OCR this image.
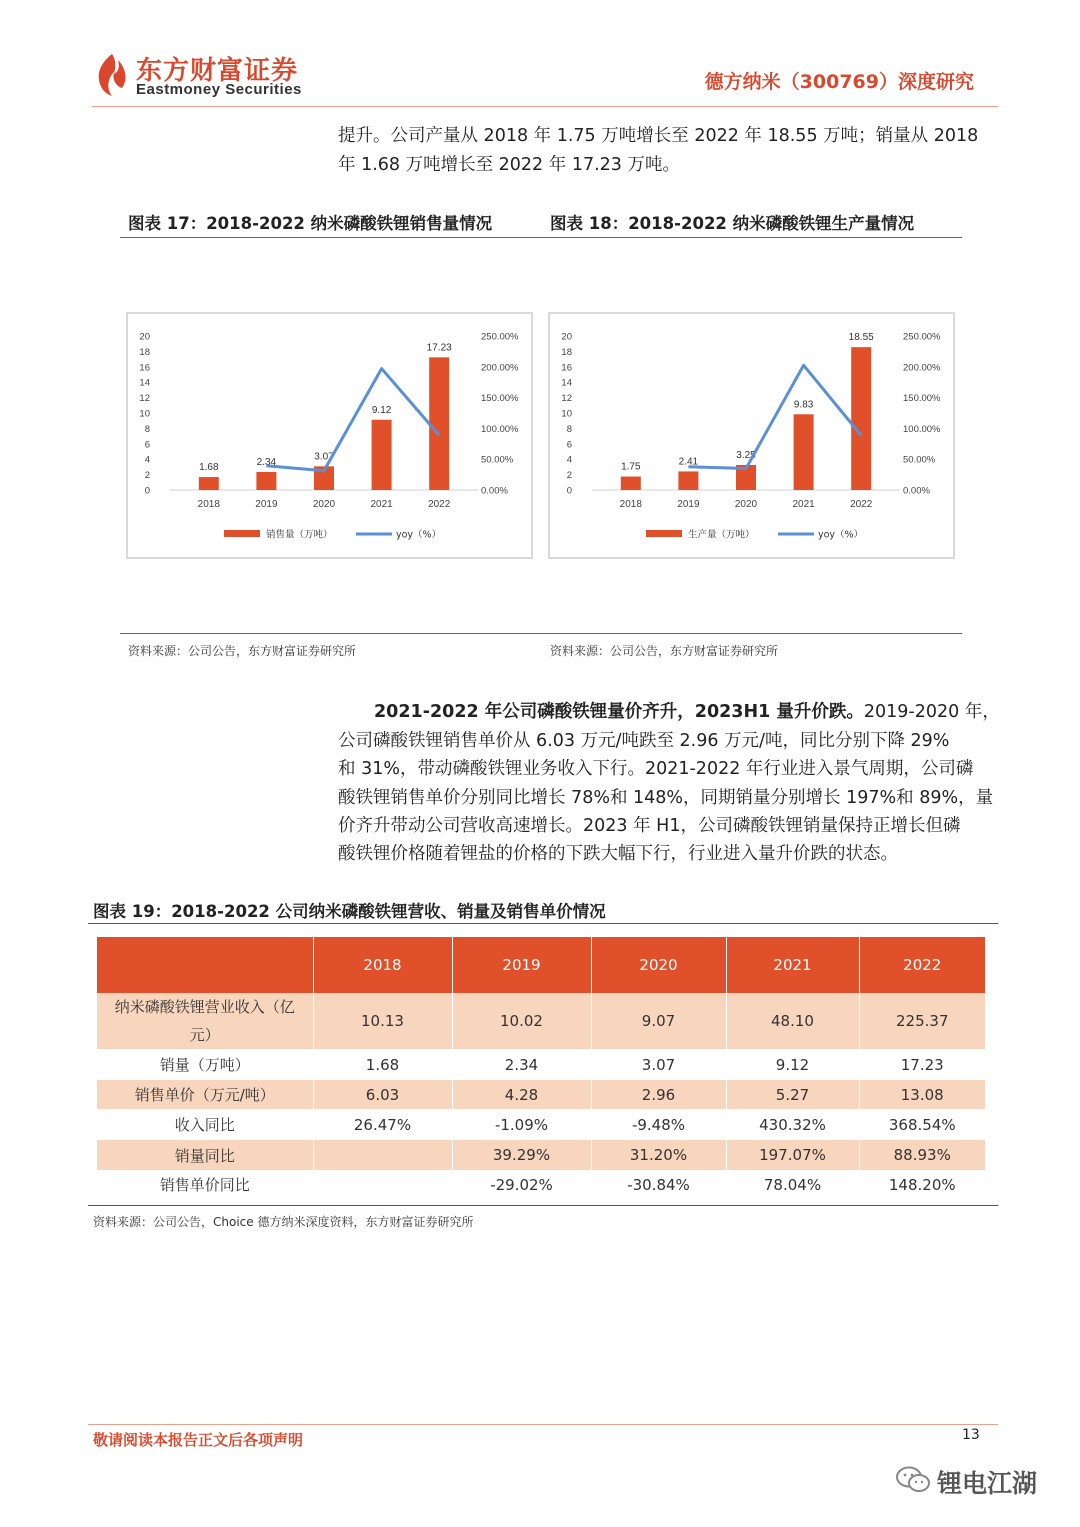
东方财富证券
Eastmoney Securities	德方纳米（300769）深度研究
提升。公司产量从 2018 年 1.75 万吨增长至 2022 年 18.55 万吨；销量从 2018
年 1.68 万吨增长至 2022 年 17.23 万吨。
图表 17：2018-2022 纳米磷酸铁锂销售量情况	图表 18：2018-2022 纳米磷酸铁锂生产量情况
0
2
4
6
8
10
12
14
16
18
20
0.00%
50.00%
100.00%
150.00%
200.00%
250.00%
1.68	2.34
3.07
9.12
17.23
2018	2019	2020	2021	2022
销售量（万吨）	yoy（%）
0
2
4
6
8
10
12
14
16
18
20
0.00%
50.00%
100.00%
150.00%
200.00%
250.00%
1.75	2.41
3.25
9.83
18.55
2018	2019	2020	2021	2022
生产量（万吨）	yoy（%）
资料来源：公司公告，东方财富证券研究所	资料来源：公司公告，东方财富证券研究所
2021-2022 年公司磷酸铁锂量价齐升，2023H1 量升价跌。2019-2020 年，
公司磷酸铁锂销售单价从 6.03 万元/吨跌至 2.96 万元/吨，同比分别下降 29%
和 31%，带动磷酸铁锂业务收入下行。2021-2022 年行业进入景气周期，公司磷
酸铁锂销售单价分别同比增长 78%和 148%，同期销量分别增长 197%和 89%，量
价齐升带动公司营收高速增长。2023 年 H1，公司磷酸铁锂销量保持正增长但磷
酸铁锂价格随着锂盐的价格的下跌大幅下行，行业进入量升价跌的状态。
图表 19：2018-2022 公司纳米磷酸铁锂营收、销量及销售单价情况
	2018	2019	2020	2021	2022
纳米磷酸铁锂营业收入（亿
元）	10.13	10.02	9.07	48.10	225.37
销量（万吨）	1.68	2.34	3.07	9.12	17.23
销售单价（万元/吨）	6.03	4.28	2.96	5.27	13.08
收入同比	26.47%	-1.09%	-9.48%	430.32%	368.54%
销量同比		39.29%	31.20%	197.07%	88.93%
销售单价同比		-29.02%	-30.84%	78.04%	148.20%
资料来源：公司公告，Choice 德方纳米深度资料，东方财富证券研究所
敬请阅读本报告正文后各项声明	13
锂电江湖
